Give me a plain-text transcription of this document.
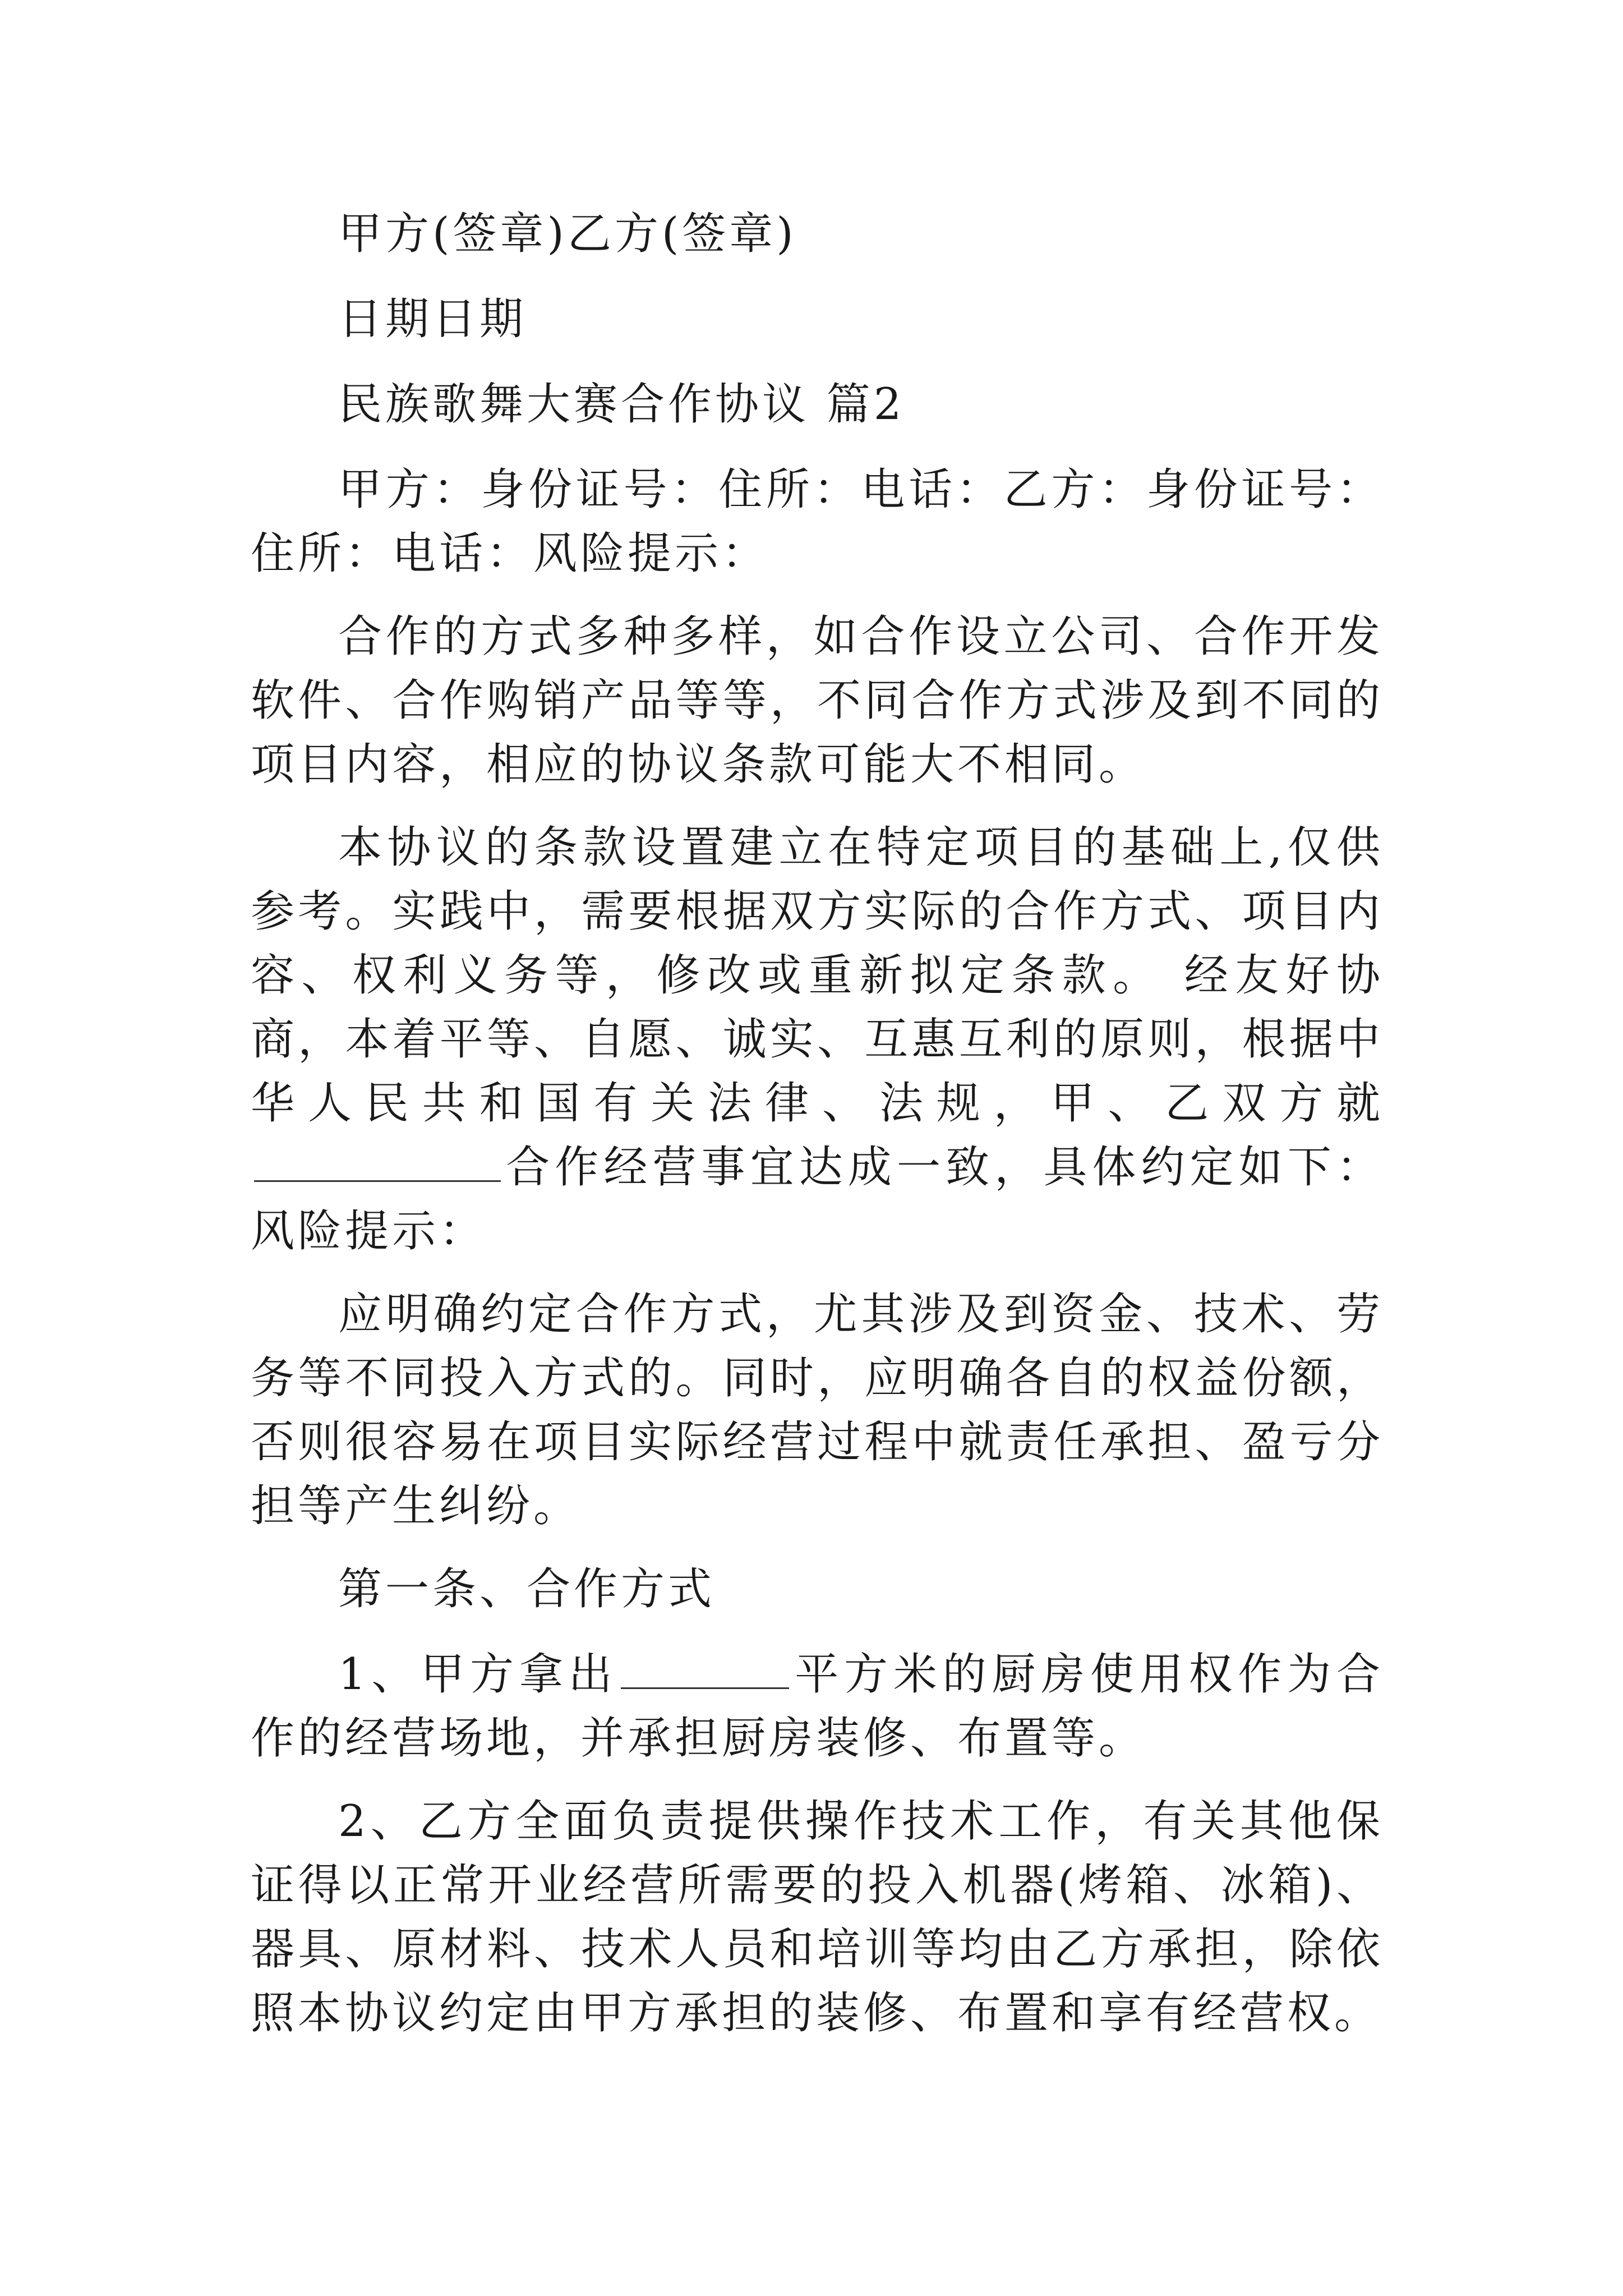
甲方(签章)乙方(签章)

日期日期

民族歌舞大赛合作协议 篇2

甲方：身份证号：住所：电话：乙方：身份证号：住所：电话：风险提示：

合作的方式多种多样，如合作设立公司、合作开发软件、合作购销产品等等，不同合作方式涉及到不同的项目内容，相应的协议条款可能大不相同。

本协议的条款设置建立在特定项目的基础上,仅供参考。实践中，需要根据双方实际的合作方式、项目内容、权利义务等，修改或重新拟定条款。 经友好协商，本着平等、自愿、诚实、互惠互利的原则，根据中华人民共和国有关法律、法规，甲、乙双方就合作经营事宜达成一致，具体约定如下：风险提示：

应明确约定合作方式，尤其涉及到资金、技术、劳务等不同投入方式的。同时，应明确各自的权益份额，否则很容易在项目实际经营过程中就责任承担、盈亏分担等产生纠纷。

第一条、合作方式

1、甲方拿出	平方米的厨房使用权作为合作的经营场地，并承担厨房装修、布置等。

2、乙方全面负责提供操作技术工作，有关其他保证得以正常开业经营所需要的投入机器(烤箱、冰箱)、器具、原材料、技术人员和培训等均由乙方承担，除依照本协议约定由甲方承担的装修、布置和享有经营权。
